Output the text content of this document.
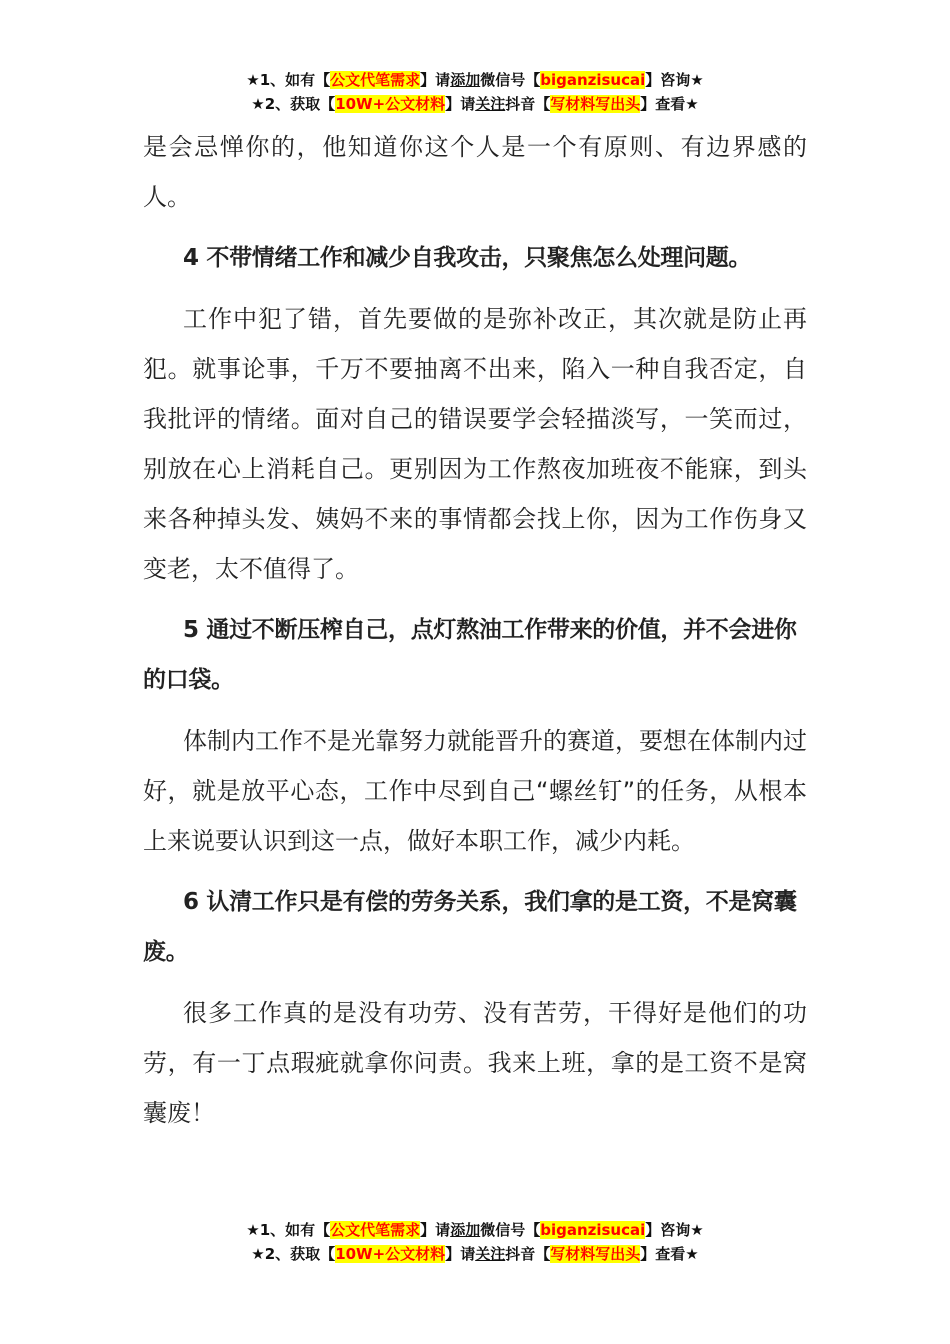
★1、如有【公文代笔需求】请添加微信号【biganzisucai】咨询★
★2、获取【10W+公文材料】请关注抖音【写材料写出头】查看★

是会忌惮你的，他知道你这个人是一个有原则、有边界感的人。

4 不带情绪工作和减少自我攻击，只聚焦怎么处理问题。

工作中犯了错，首先要做的是弥补改正，其次就是防止再犯。就事论事，千万不要抽离不出来，陷入一种自我否定，自我批评的情绪。面对自己的错误要学会轻描淡写，一笑而过，别放在心上消耗自己。更别因为工作熬夜加班夜不能寐，到头来各种掉头发、姨妈不来的事情都会找上你，因为工作伤身又变老，太不值得了。

5 通过不断压榨自己，点灯熬油工作带来的价值，并不会进你的口袋。

体制内工作不是光靠努力就能晋升的赛道，要想在体制内过好，就是放平心态，工作中尽到自己“螺丝钉”的任务，从根本上来说要认识到这一点，做好本职工作，减少内耗。

6 认清工作只是有偿的劳务关系，我们拿的是工资，不是窝囊废。

很多工作真的是没有功劳、没有苦劳，干得好是他们的功劳，有一丁点瑕疵就拿你问责。我来上班，拿的是工资不是窝囊废！

★1、如有【公文代笔需求】请添加微信号【biganzisucai】咨询★
★2、获取【10W+公文材料】请关注抖音【写材料写出头】查看★
